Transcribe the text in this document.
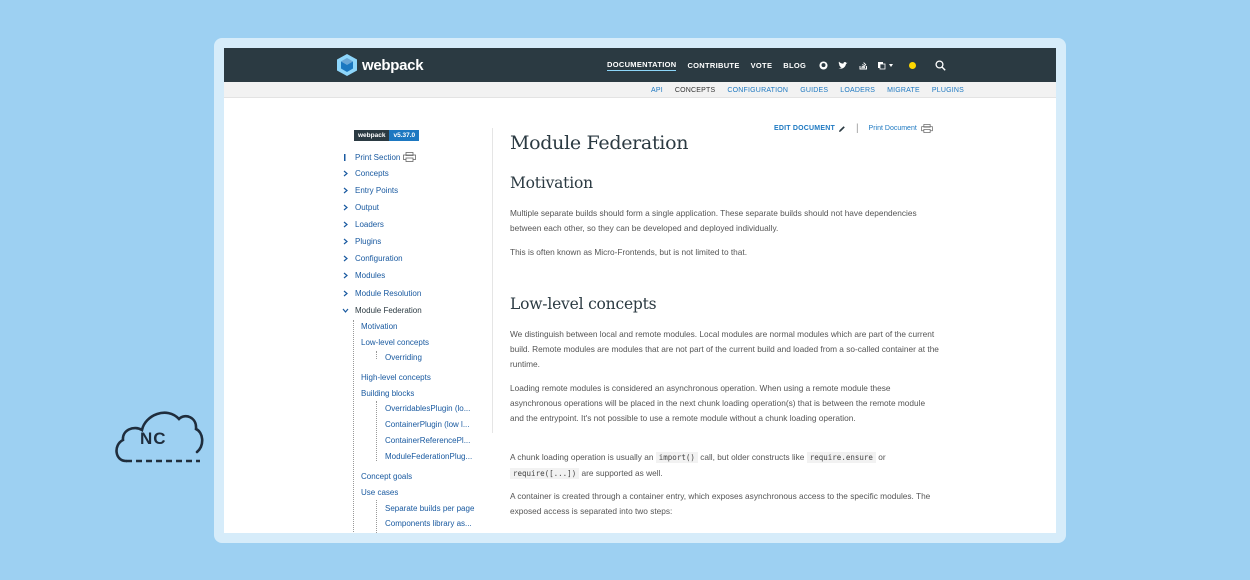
webpack	DOCUMENTATION CONTRIBUTE VOTE BLOG
API CONCEPTS CONFIGURATION GUIDES LOADERS MIGRATE PLUGINS
webpack	v5.37.0
Print Section
Concepts
Entry Points
Output
Loaders
Plugins
Configuration
Modules
Module Resolution
Module Federation
Motivation
Low-level concepts
Overriding
High-level concepts
Building blocks
OverridablesPlugin (lo...
ContainerPlugin (low l...
ContainerReferencePl...
ModuleFederationPlug...
Concept goals
Use cases
Separate builds per page
Components library as...
EDIT DOCUMENT | Print Document
Module Federation
Motivation

Multiple separate builds should form a single application. These separate builds should not have dependencies between each other, so they can be developed and deployed individually.

This is often known as Micro-Frontends, but is not limited to that.

Low-level concepts

We distinguish between local and remote modules. Local modules are normal modules which are part of the current build. Remote modules are modules that are not part of the current build and loaded from a so-called container at the runtime.

Loading remote modules is considered an asynchronous operation. When using a remote module these asynchronous operations will be placed in the next chunk loading operation(s) that is between the remote module and the entrypoint. It's not possible to use a remote module without a chunk loading operation.

A chunk loading operation is usually an import() call, but older constructs like require.ensure or require([...]) are supported as well.

A container is created through a container entry, which exposes asynchronous access to the specific modules. The exposed access is separated into two steps:

NC
